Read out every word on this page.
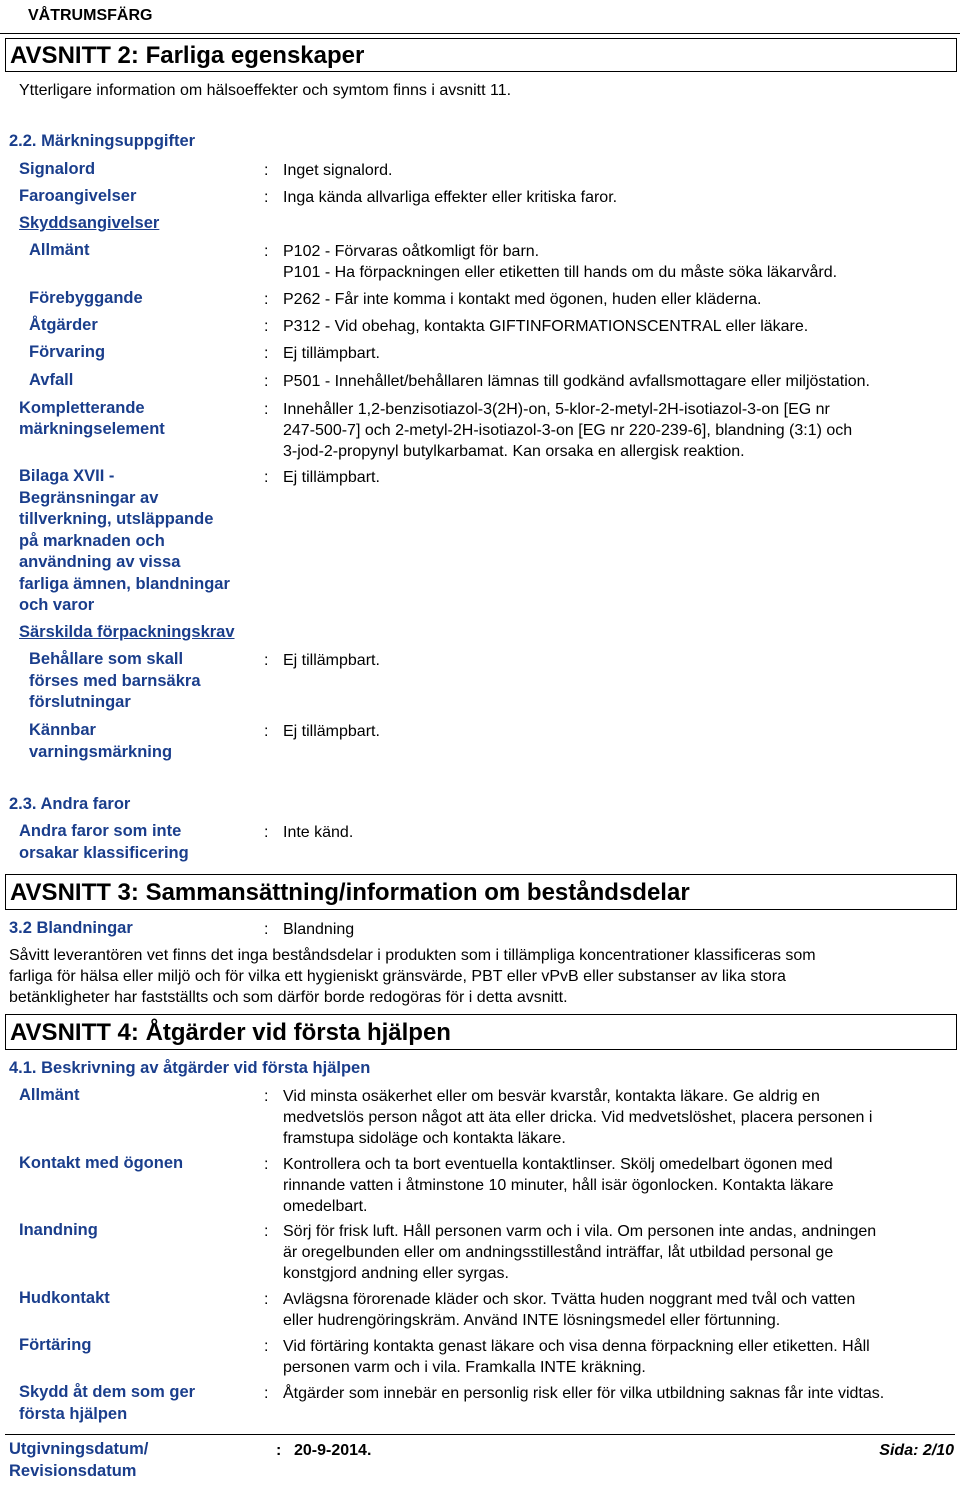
VÅTRUMSFÄRG
AVSNITT 2: Farliga egenskaper
Ytterligare information om hälsoeffekter och symtom finns i avsnitt 11.
2.2. Märkningsuppgifter
Signalord	: Inget signalord.
Faroangivelser	: Inga kända allvarliga effekter eller kritiska faror.
Skyddsangivelser
Allmänt	: P102 - Förvaras oåtkomligt för barn.
P101 - Ha förpackningen eller etiketten till hands om du måste söka läkarvård.
Förebyggande	: P262 - Får inte komma i kontakt med ögonen, huden eller kläderna.
Åtgärder	: P312 - Vid obehag, kontakta GIFTINFORMATIONSCENTRAL eller läkare.
Förvaring	: Ej tillämpbart.
Avfall	: P501 - Innehållet/behållaren lämnas till godkänd avfallsmottagare eller miljöstation.
Kompletterande
märkningselement
: Innehåller 1,2-benzisotiazol-3(2H)-on, 5-klor-2-metyl-2H-isotiazol-3-on [EG nr
247-500-7] och 2-metyl-2H-isotiazol-3-on [EG nr 220-239-6], blandning (3:1) och
3-jod-2-propynyl butylkarbamat. Kan orsaka en allergisk reaktion.
Bilaga XVII -
Begränsningar av
tillverkning, utsläppande
på marknaden och
användning av vissa
farliga ämnen, blandningar
och varor
: Ej tillämpbart.
Särskilda förpackningskrav
Behållare som skall
förses med barnsäkra
förslutningar
: Ej tillämpbart.
Kännbar
varningsmärkning
: Ej tillämpbart.
2.3. Andra faror
Andra faror som inte
orsakar klassificering
: Inte känd.
AVSNITT 3: Sammansättning/information om beståndsdelar
3.2 Blandningar	: Blandning
Såvitt leverantören vet finns det inga beståndsdelar i produkten som i tillämpliga koncentrationer klassificeras som
farliga för hälsa eller miljö och för vilka ett hygieniskt gränsvärde, PBT eller vPvB eller substanser av lika stora
betänkligheter har fastställts och som därför borde redogöras för i detta avsnitt.
AVSNITT 4: Åtgärder vid första hjälpen
4.1. Beskrivning av åtgärder vid första hjälpen
Allmänt	: Vid minsta osäkerhet eller om besvär kvarstår, kontakta läkare. Ge aldrig en
medvetslös person något att äta eller dricka. Vid medvetslöshet, placera personen i
framstupa sidoläge och kontakta läkare.
Kontakt med ögonen	: Kontrollera och ta bort eventuella kontaktlinser. Skölj omedelbart ögonen med
rinnande vatten i åtminstone 10 minuter, håll isär ögonlocken. Kontakta läkare
omedelbart.
Inandning	: Sörj för frisk luft. Håll personen varm och i vila. Om personen inte andas, andningen
är oregelbunden eller om andningsstillestånd inträffar, låt utbildad personal ge
konstgjord andning eller syrgas.
Hudkontakt	: Avlägsna förorenade kläder och skor. Tvätta huden noggrant med tvål och vatten
eller hudrengöringskräm. Använd INTE lösningsmedel eller förtunning.
Förtäring	: Vid förtäring kontakta genast läkare och visa denna förpackning eller etiketten. Håll
personen varm och i vila. Framkalla INTE kräkning.
Skydd åt dem som ger
första hjälpen
: Åtgärder som innebär en personlig risk eller för vilka utbildning saknas får inte vidtas.
Utgivningsdatum/
Revisionsdatum
: 20-9-2014.	Sida: 2/10
